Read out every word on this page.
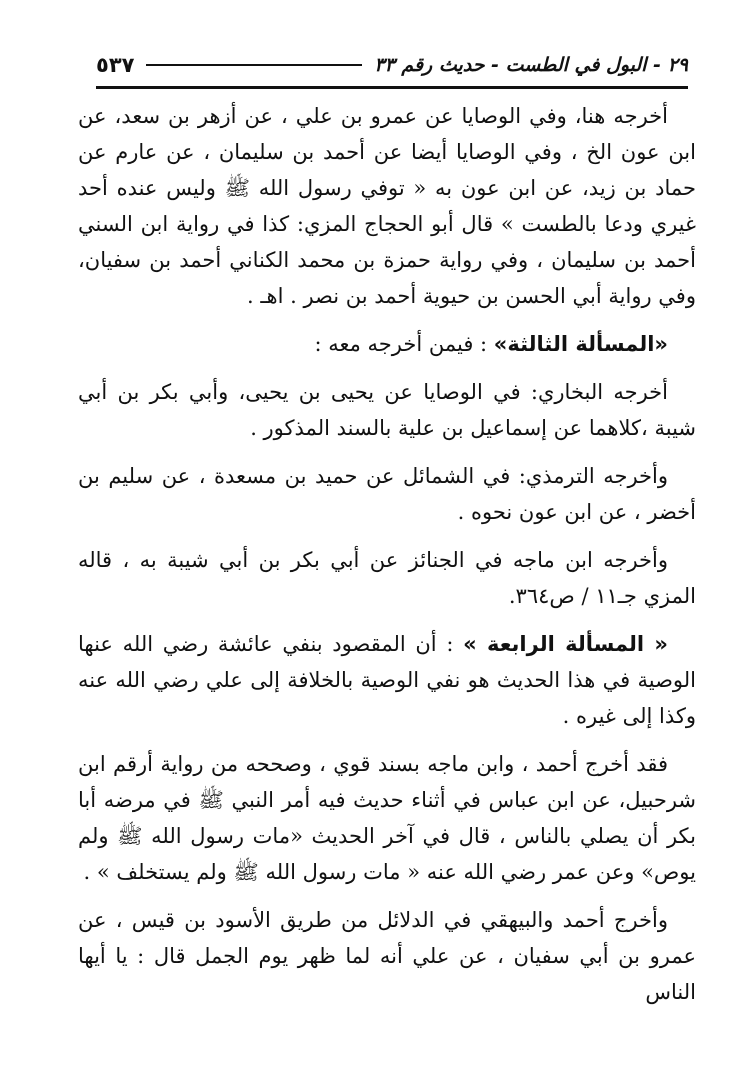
٢٩ - البول في الطست - حديث رقم ٣٣
٥٣٧

أخرجه هنا، وفي الوصايا عن عمرو بن علي ، عن أزهر بن سعد، عن ابن عون الخ ، وفي الوصايا أيضا عن أحمد بن سليمان ، عن عارم عن حماد بن زيد، عن ابن عون به « توفي رسول الله ﷺ وليس عنده أحد غيري ودعا بالطست » قال أبو الحجاج المزي: كذا في رواية ابن السني أحمد بن سليمان ، وفي رواية حمزة بن محمد الكناني أحمد بن سفيان، وفي رواية أبي الحسن بن حيوية أحمد بن نصر . اهـ .

«المسألة الثالثة» : فيمن أخرجه معه :

أخرجه البخاري: في الوصايا عن يحيى بن يحيى، وأبي بكر بن أبي شيبة ،كلاهما عن إسماعيل بن علية بالسند المذكور .

وأخرجه الترمذي: في الشمائل عن حميد بن مسعدة ، عن سليم بن أخضر ، عن ابن عون نحوه .

وأخرجه ابن ماجه في الجنائز عن أبي بكر بن أبي شيبة به ، قاله المزي جـ١١ / ص٣٦٤.

« المسألة الرابعة » : أن المقصود بنفي عائشة رضي الله عنها الوصية في هذا الحديث هو نفي الوصية بالخلافة إلى علي رضي الله عنه وكذا إلى غيره .

فقد أخرج أحمد ، وابن ماجه بسند قوي ، وصححه من رواية أرقم ابن شرحبيل، عن ابن عباس في أثناء حديث فيه أمر النبي ﷺ في مرضه أبا بكر أن يصلي بالناس ، قال في آخر الحديث «مات رسول الله ﷺ ولم يوص» وعن عمر رضي الله عنه « مات رسول الله ﷺ ولم يستخلف » .

وأخرج أحمد والبيهقي في الدلائل من طريق الأسود بن قيس ، عن عمرو بن أبي سفيان ، عن علي أنه لما ظهر يوم الجمل قال : يا أيها الناس
